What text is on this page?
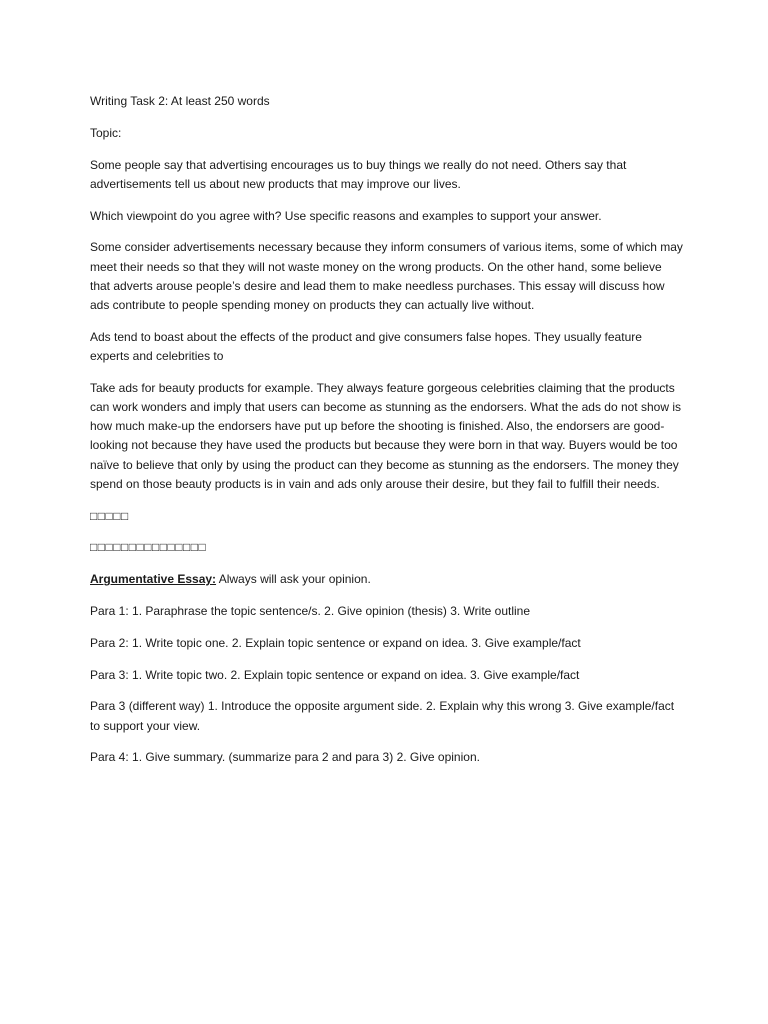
Writing Task 2: At least 250 words

Topic:

Some people say that advertising encourages us to buy things we really do not need. Others say that advertisements tell us about new products that may improve our lives.

Which viewpoint do you agree with? Use specific reasons and examples to support your answer.

Some consider advertisements necessary because they inform consumers of various items, some of which may meet their needs so that they will not waste money on the wrong products. On the other hand, some believe that adverts arouse people’s desire and lead them to make needless purchases. This essay will discuss how ads contribute to people spending money on products they can actually live without.

Ads tend to boast about the effects of the product and give consumers false hopes. They usually feature experts and celebrities to

Take ads for beauty products for example. They always feature gorgeous celebrities claiming that the products can work wonders and imply that users can become as stunning as the endorsers. What the ads do not show is how much make-up the endorsers have put up before the shooting is finished. Also, the endorsers are good-looking not because they have used the products but because they were born in that way. Buyers would be too naïve to believe that only by using the product can they become as stunning as the endorsers. The money they spend on those beauty products is in vain and ads only arouse their desire, but they fail to fulfill their needs.

□□□□□

□□□□□□□□□□□□□□□

Argumentative Essay: Always will ask your opinion.

Para 1: 1. Paraphrase the topic sentence/s. 2. Give opinion (thesis) 3. Write outline

Para 2: 1. Write topic one. 2. Explain topic sentence or expand on idea. 3. Give example/fact

Para 3: 1. Write topic two. 2. Explain topic sentence or expand on idea. 3. Give example/fact

Para 3 (different way) 1. Introduce the opposite argument side. 2. Explain why this wrong 3. Give example/fact to support your view.

Para 4: 1. Give summary. (summarize para 2 and para 3) 2. Give opinion.
